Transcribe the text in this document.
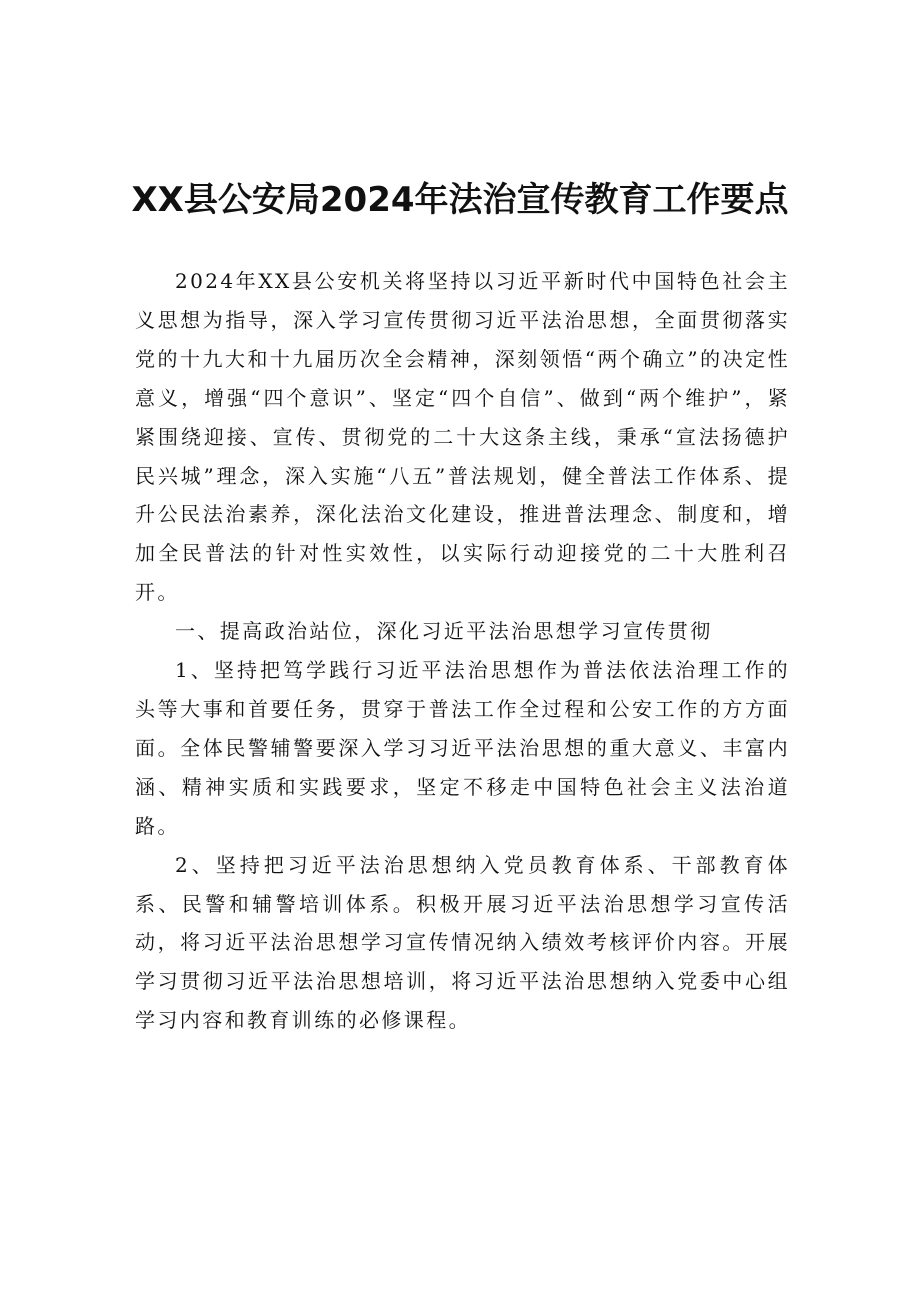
XX县公安局2024年法治宣传教育工作要点

2024年XX县公安机关将坚持以习近平新时代中国特色社会主义思想为指导，深入学习宣传贯彻习近平法治思想，全面贯彻落实党的十九大和十九届历次全会精神，深刻领悟“两个确立”的决定性意义，增强“四个意识”、坚定“四个自信”、做到“两个维护”，紧紧围绕迎接、宣传、贯彻党的二十大这条主线，秉承“宣法扬德护民兴城”理念，深入实施“八五”普法规划，健全普法工作体系、提升公民法治素养，深化法治文化建设，推进普法理念、制度和，增加全民普法的针对性实效性，以实际行动迎接党的二十大胜利召开。

一、提高政治站位，深化习近平法治思想学习宣传贯彻

1、坚持把笃学践行习近平法治思想作为普法依法治理工作的头等大事和首要任务，贯穿于普法工作全过程和公安工作的方方面面。全体民警辅警要深入学习习近平法治思想的重大意义、丰富内涵、精神实质和实践要求，坚定不移走中国特色社会主义法治道路。

2、坚持把习近平法治思想纳入党员教育体系、干部教育体系、民警和辅警培训体系。积极开展习近平法治思想学习宣传活动，将习近平法治思想学习宣传情况纳入绩效考核评价内容。开展学习贯彻习近平法治思想培训，将习近平法治思想纳入党委中心组学习内容和教育训练的必修课程。
